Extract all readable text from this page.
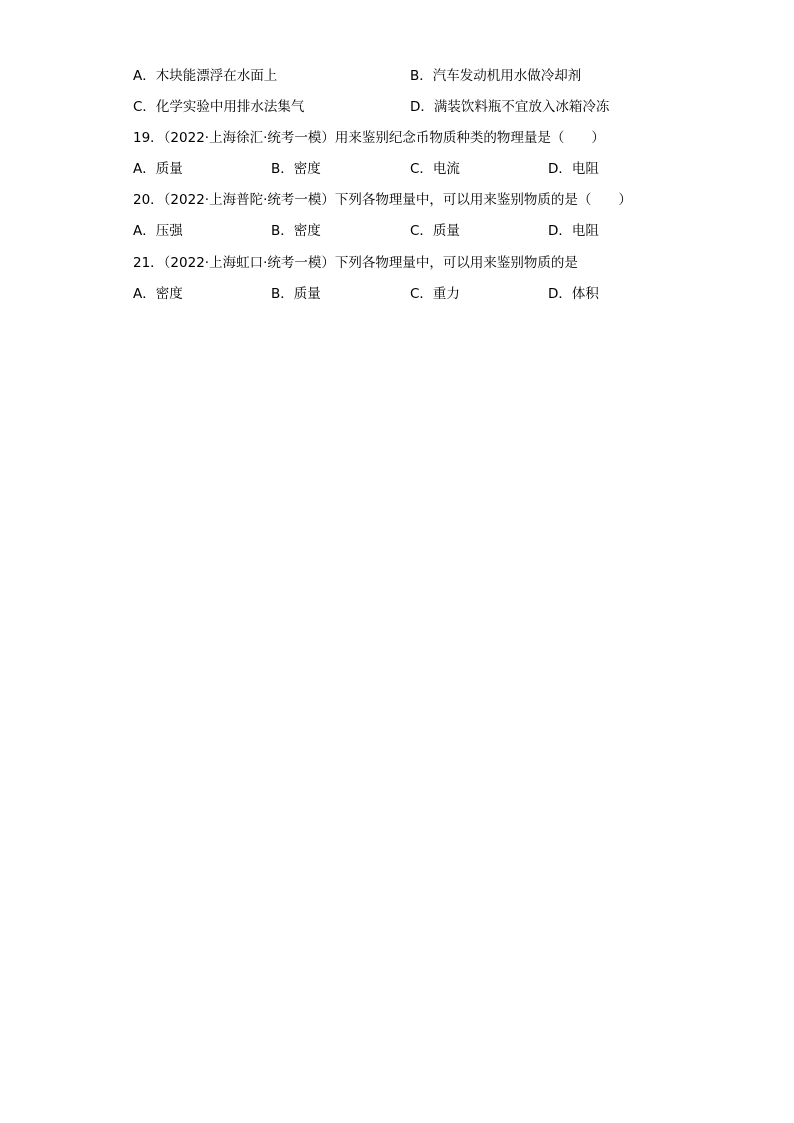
A．木块能漂浮在水面上	B．汽车发动机用水做冷却剂
C．化学实验中用排水法集气	D．满装饮料瓶不宜放入冰箱冷冻
19．（2022·上海徐汇·统考一模）用来鉴别纪念币物质种类的物理量是（　　）
A．质量	B．密度	C．电流	D．电阻
20．（2022·上海普陀·统考一模）下列各物理量中，可以用来鉴别物质的是（　　）
A．压强	B．密度	C．质量	D．电阻
21．（2022·上海虹口·统考一模）下列各物理量中，可以用来鉴别物质的是
A．密度	B．质量	C．重力	D．体积
